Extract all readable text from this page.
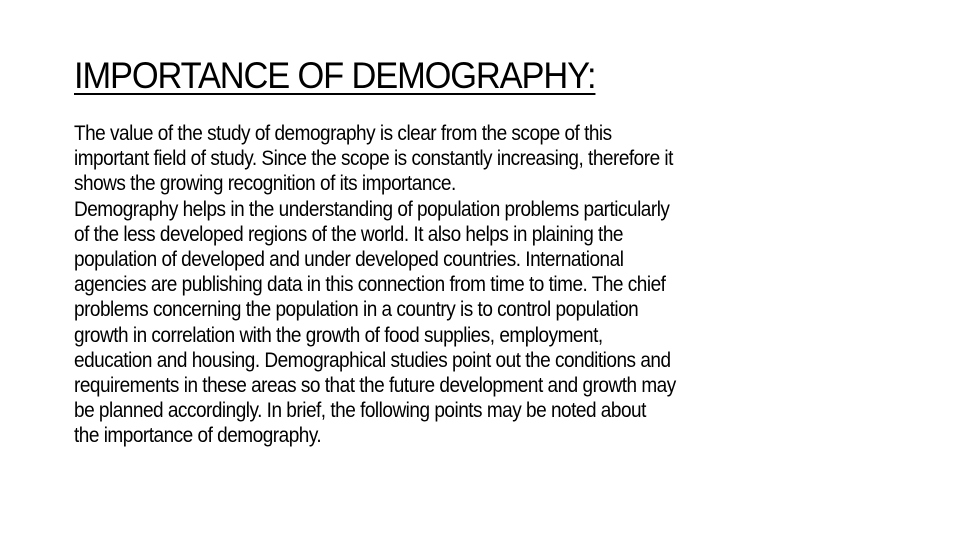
IMPORTANCE OF DEMOGRAPHY:

The value of the study of demography is clear from the scope of this
important field of study. Since the scope is constantly increasing, therefore it
shows the growing recognition of its importance.

Demography helps in the understanding of population problems particularly
of the less developed regions of the world. It also helps in plaining the
population of developed and under developed countries. International
agencies are publishing data in this connection from time to time. The chief
problems concerning the population in a country is to control population
growth in correlation with the growth of food supplies, employment,
education and housing. Demographical studies point out the conditions and
requirements in these areas so that the future development and growth may
be planned accordingly. In brief, the following points may be noted about
the importance of demography.
